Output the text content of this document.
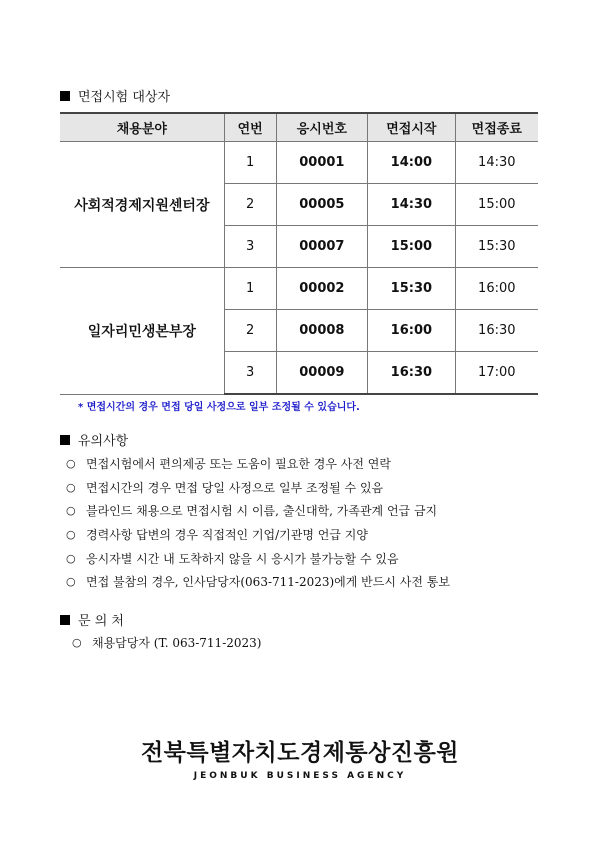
면접시험 대상자
채용분야	연번	응시번호	면접시작	면접종료
사회적경제지원센터장	1	00001	14:00	14:30
	2	00005	14:30	15:00
	3	00007	15:00	15:30
일자리민생본부장	1	00002	15:30	16:00
	2	00008	16:00	16:30
	3	00009	16:30	17:00
* 면접시간의 경우 면접 당일 사정으로 일부 조정될 수 있습니다.
유의사항
○ 면접시험에서 편의제공 또는 도움이 필요한 경우 사전 연락
○ 면접시간의 경우 면접 당일 사정으로 일부 조정될 수 있음
○ 블라인드 채용으로 면접시험 시 이름, 출신대학, 가족관계 언급 금지
○ 경력사항 답변의 경우 직접적인 기업/기관명 언급 지양
○ 응시자별 시간 내 도착하지 않을 시 응시가 불가능할 수 있음
○ 면접 불참의 경우, 인사담당자(063-711-2023)에게 반드시 사전 통보
문 의 처
○ 채용담당자 (T. 063-711-2023)
전북특별자치도경제통상진흥원
JEONBUK BUSINESS AGENCY
